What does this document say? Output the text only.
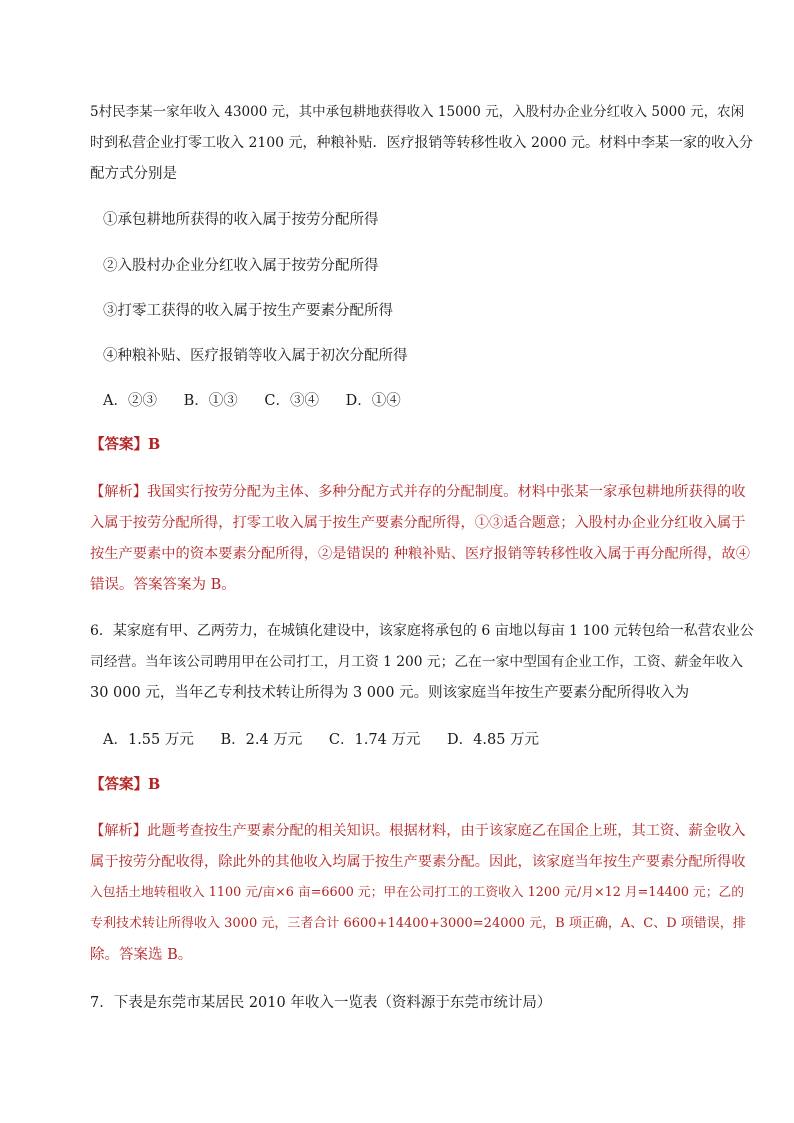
5村民李某一家年收入 43000 元，其中承包耕地获得收入 15000 元，入股村办企业分红收入 5000 元，农闲
时到私营企业打零工收入 2100 元，种粮补贴．医疗报销等转移性收入 2000 元。材料中李某一家的收入分
配方式分别是
①承包耕地所获得的收入属于按劳分配所得
②入股村办企业分红收入属于按劳分配所得
③打零工获得的收入属于按生产要素分配所得
④种粮补贴、医疗报销等收入属于初次分配所得
A．②③ B．①③ C．③④ D．①④
【答案】B
【解析】我国实行按劳分配为主体、多种分配方式并存的分配制度。材料中张某一家承包耕地所获得的收
入属于按劳分配所得，打零工收入属于按生产要素分配所得，①③适合题意；入股村办企业分红收入属于
按生产要素中的资本要素分配所得，②是错误的 种粮补贴、医疗报销等转移性收入属于再分配所得，故④
错误。答案答案为 B。
6．某家庭有甲、乙两劳力，在城镇化建设中，该家庭将承包的 6 亩地以每亩 1 100 元转包给一私营农业公
司经营。当年该公司聘用甲在公司打工，月工资 1 200 元；乙在一家中型国有企业工作，工资、薪金年收入
30 000 元，当年乙专利技术转让所得为 3 000 元。则该家庭当年按生产要素分配所得收入为
A．1.55 万元 B．2.4 万元 C．1.74 万元 D．4.85 万元
【答案】B
【解析】此题考查按生产要素分配的相关知识。根据材料，由于该家庭乙在国企上班，其工资、薪金收入
属于按劳分配收得，除此外的其他收入均属于按生产要素分配。因此，该家庭当年按生产要素分配所得收
入包括土地转租收入 1100 元/亩×6 亩=6600 元；甲在公司打工的工资收入 1200 元/月×12 月=14400 元；乙的
专利技术转让所得收入 3000 元，三者合计 6600+14400+3000=24000 元，B 项正确，A、C、D 项错误，排
除。答案选 B。
7．下表是东莞市某居民 2010 年收入一览表（资料源于东莞市统计局）
